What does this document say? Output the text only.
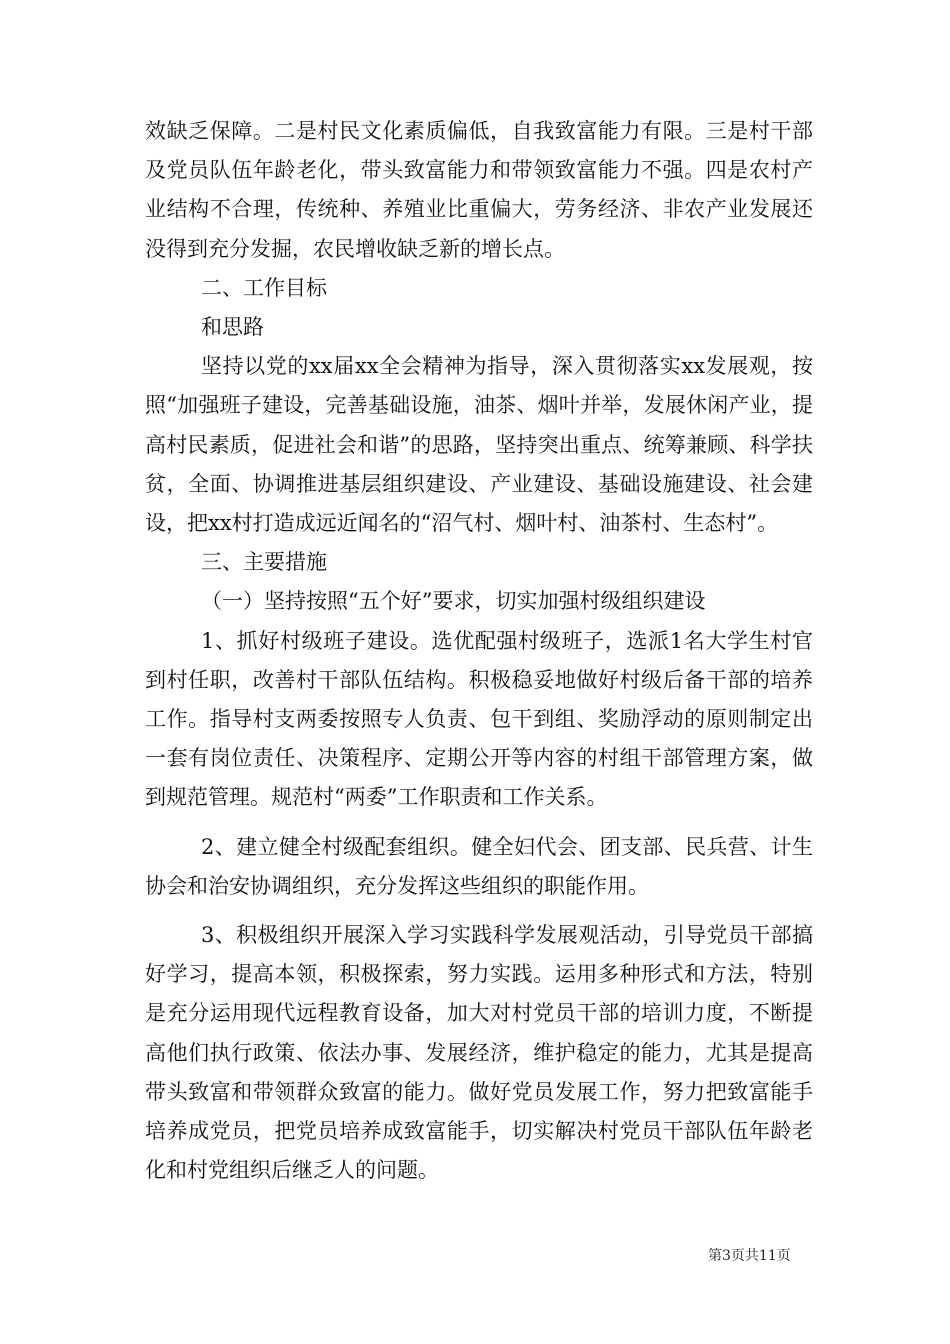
效缺乏保障。二是村民文化素质偏低，自我致富能力有限。三是村干部及党员队伍年龄老化，带头致富能力和带领致富能力不强。四是农村产业结构不合理，传统种、养殖业比重偏大，劳务经济、非农产业发展还没得到充分发掘，农民增收缺乏新的增长点。

二、工作目标

和思路

坚持以党的xx届xx全会精神为指导，深入贯彻落实xx发展观，按照“加强班子建设，完善基础设施，油茶、烟叶并举，发展休闲产业，提高村民素质，促进社会和谐”的思路，坚持突出重点、统筹兼顾、科学扶贫，全面、协调推进基层组织建设、产业建设、基础设施建设、社会建设，把xx村打造成远近闻名的“沼气村、烟叶村、油茶村、生态村”。

三、主要措施

（一）坚持按照“五个好”要求，切实加强村级组织建设

1、抓好村级班子建设。选优配强村级班子，选派1名大学生村官到村任职，改善村干部队伍结构。积极稳妥地做好村级后备干部的培养工作。指导村支两委按照专人负责、包干到组、奖励浮动的原则制定出一套有岗位责任、决策程序、定期公开等内容的村组干部管理方案，做到规范管理。规范村“两委”工作职责和工作关系。

2、建立健全村级配套组织。健全妇代会、团支部、民兵营、计生协会和治安协调组织，充分发挥这些组织的职能作用。

3、积极组织开展深入学习实践科学发展观活动，引导党员干部搞好学习，提高本领，积极探索，努力实践。运用多种形式和方法，特别是充分运用现代远程教育设备，加大对村党员干部的培训力度，不断提高他们执行政策、依法办事、发展经济，维护稳定的能力，尤其是提高带头致富和带领群众致富的能力。做好党员发展工作，努力把致富能手培养成党员，把党员培养成致富能手，切实解决村党员干部队伍年龄老化和村党组织后继乏人的问题。

第3页共11页
